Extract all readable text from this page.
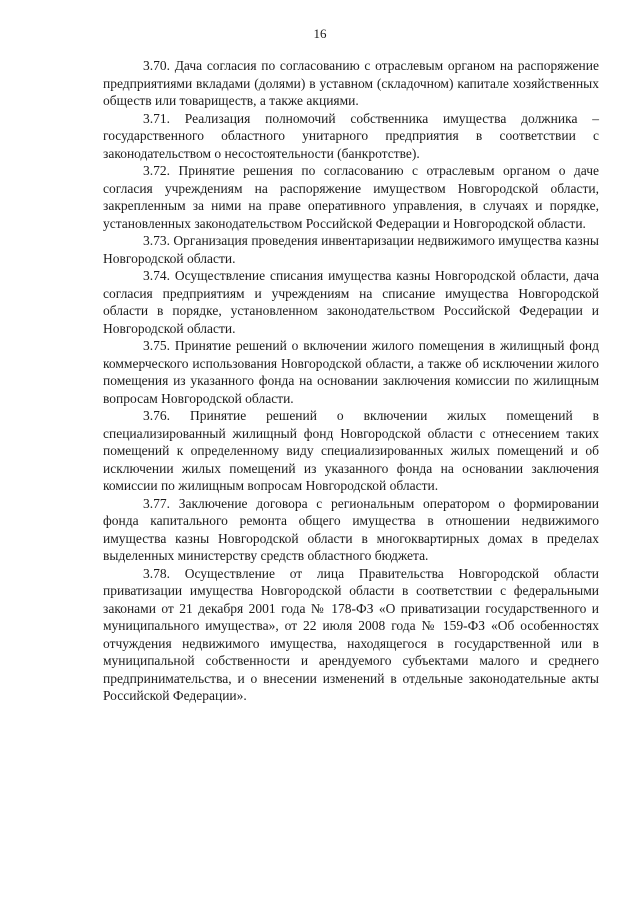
16

3.70. Дача согласия по согласованию с отраслевым органом на распоряжение предприятиями вкладами (долями) в уставном (складочном) капитале хозяйственных обществ или товариществ, а также акциями.

3.71. Реализация полномочий собственника имущества должника – государственного областного унитарного предприятия в соответствии с законодательством о несостоятельности (банкротстве).

3.72. Принятие решения по согласованию с отраслевым органом о даче согласия учреждениям на распоряжение имуществом Новгородской области, закрепленным за ними на праве оперативного управления, в случаях и порядке, установленных законодательством Российской Федерации и Новгородской области.

3.73. Организация проведения инвентаризации недвижимого имущества казны Новгородской области.

3.74. Осуществление списания имущества казны Новгородской области, дача согласия предприятиям и учреждениям на списание имущества Новгородской области в порядке, установленном законодательством Российской Федерации и Новгородской области.

3.75. Принятие решений о включении жилого помещения в жилищный фонд коммерческого использования Новгородской области, а также об исключении жилого помещения из указанного фонда на основании заключения комиссии по жилищным вопросам Новгородской области.

3.76. Принятие решений о включении жилых помещений в специализированный жилищный фонд Новгородской области с отнесением таких помещений к определенному виду специализированных жилых помещений и об исключении жилых помещений из указанного фонда на основании заключения комиссии по жилищным вопросам Новгородской области.

3.77. Заключение договора с региональным оператором о формировании фонда капитального ремонта общего имущества в отношении недвижимого имущества казны Новгородской области в многоквартирных домах в пределах выделенных министерству средств областного бюджета.

3.78. Осуществление от лица Правительства Новгородской области приватизации имущества Новгородской области в соответствии с федеральными законами от 21 декабря 2001 года № 178-ФЗ «О приватизации государственного и муниципального имущества», от 22 июля 2008 года № 159-ФЗ «Об особенностях отчуждения недвижимого имущества, находящегося в государственной или в муниципальной собственности и арендуемого субъектами малого и среднего предпринимательства, и о внесении изменений в отдельные законодательные акты Российской Федерации».
